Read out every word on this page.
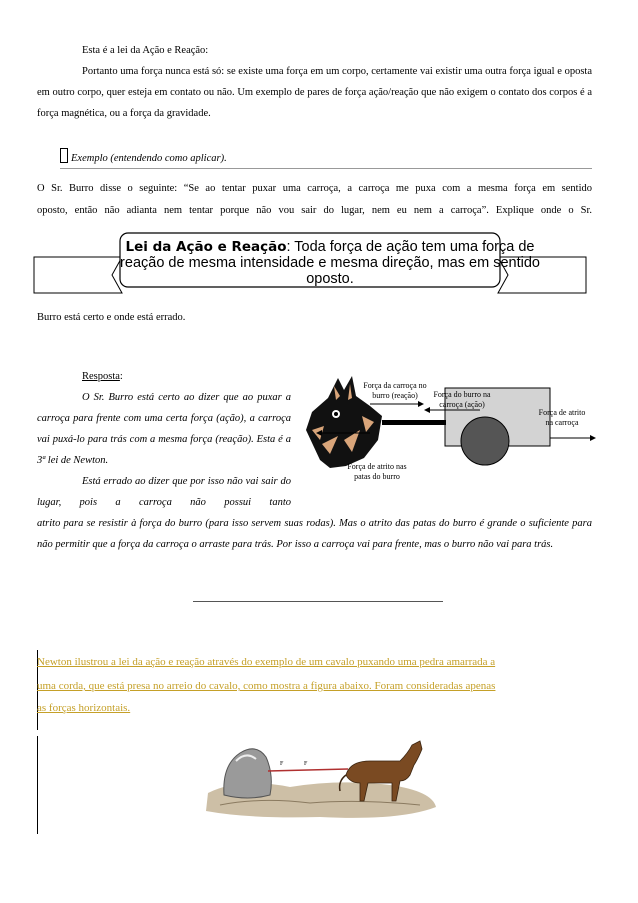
Esta é a lei da Ação e Reação:
Portanto uma força nunca está só: se existe uma força em um corpo, certamente vai existir uma outra força igual e oposta em outro corpo, quer esteja em contato ou não. Um exemplo de pares de força ação/reação que não exigem o contato dos corpos é a força magnética, ou a força da gravidade.
Exemplo (entendendo como aplicar).
O Sr. Burro disse o seguinte: “Se ao tentar puxar uma carroça, a carroça me puxa com a mesma força em sentido
oposto, então não adianta nem tentar porque não vou sair do lugar, nem eu nem a carroça”. Explique onde o Sr.
Lei da Ação e Reação: Toda força de ação tem uma força de reação de mesma intensidade e mesma direção, mas em sentido oposto.
Burro está certo e onde está errado.
Resposta:
O Sr. Burro está certo ao dizer que ao puxar a carroça para frente com uma certa força (ação), a carroça vai puxá-lo para trás com a mesma força (reação). Esta é a 3ª lei de Newton.
Está errado ao dizer que por isso não vai sair do lugar, pois a carroça não possui tanto
atrito para se resistir à força do burro (para isso servem suas rodas). Mas o atrito das patas do burro é grande o suficiente para não permitir que a força da carroça o arraste para trás. Por isso a carroça vai para frente, mas o burro não vai para trás.
Força da carroça no burro (reação)	Força do burro na carroça (ação)
Força de atrito na carroça
Força de atrito nas patas do burro
Newton ilustrou a lei da ação e reação através do exemplo de um cavalo puxando uma pedra amarrada a
uma corda, que está presa no arreio do cavalo, como mostra a figura abaixo. Foram consideradas apenas
as forças horizontais.
F	F
